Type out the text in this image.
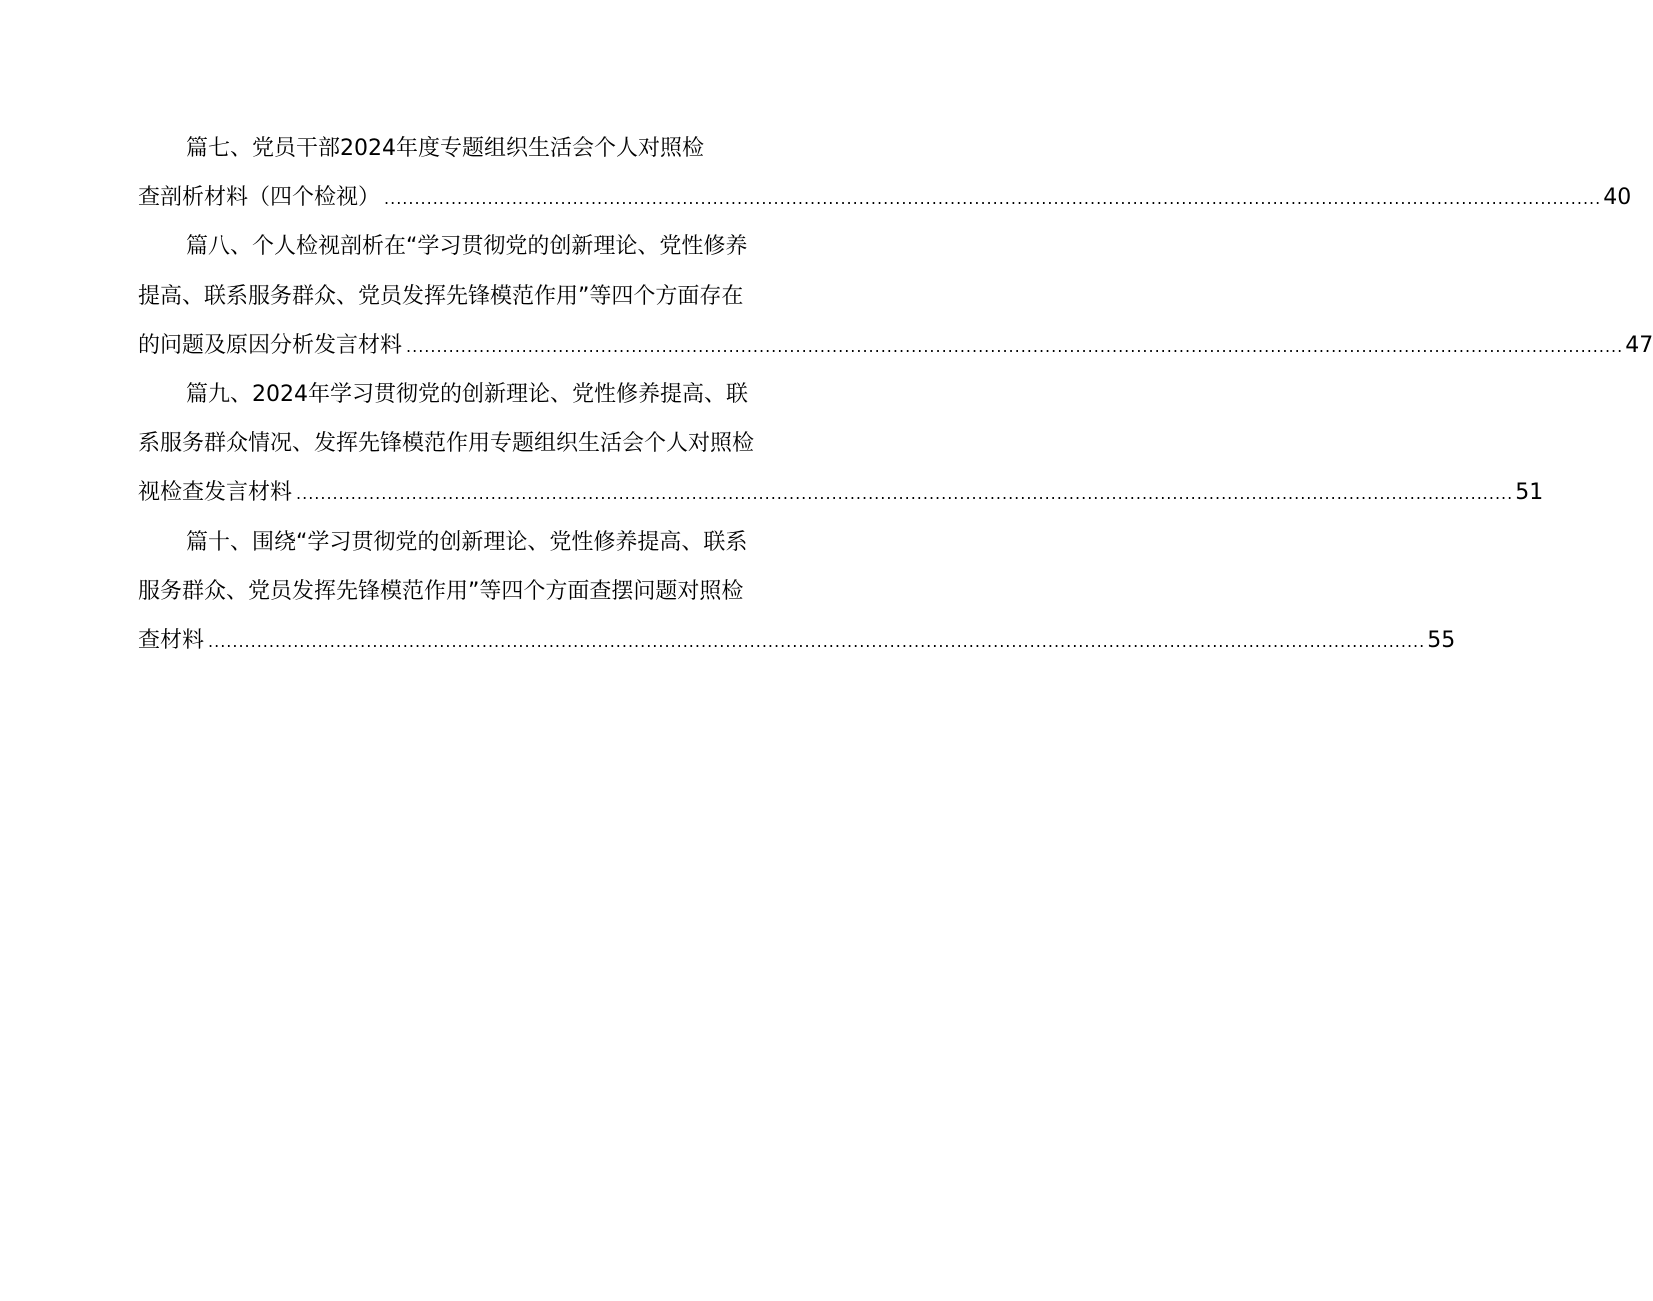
篇七、党员干部2024年度专题组织生活会个人对照检
查剖析材料（四个检视） ........................................................................................................................................................................................................ 40
篇八、个人检视剖析在“学习贯彻党的创新理论、党性修养
提高、联系服务群众、党员发挥先锋模范作用”等四个方面存在
的问题及原因分析发言材料 ........................................................................................................................................................................................................ 47
篇九、2024年学习贯彻党的创新理论、党性修养提高、联
系服务群众情况、发挥先锋模范作用专题组织生活会个人对照检
视检查发言材料 ........................................................................................................................................................................................................ 51
篇十、围绕“学习贯彻党的创新理论、党性修养提高、联系
服务群众、党员发挥先锋模范作用”等四个方面查摆问题对照检
查材料 ........................................................................................................................................................................................................ 55
